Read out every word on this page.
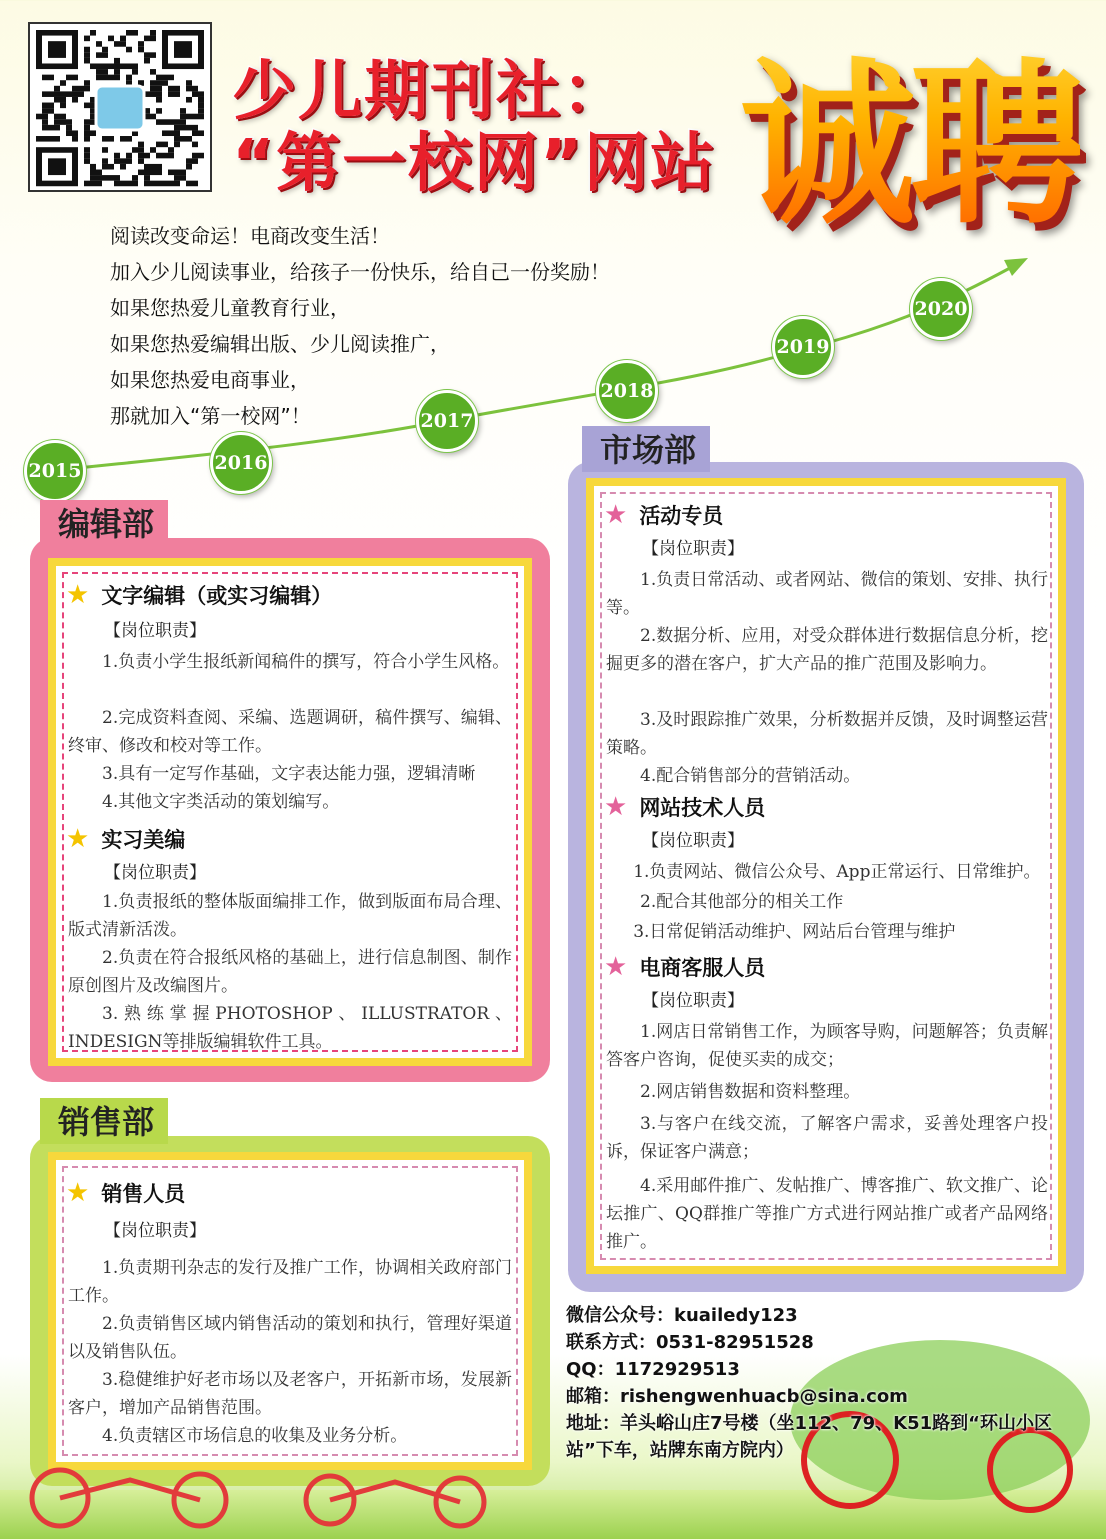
少儿期刊社：
“第一校网”网站 诚聘
阅读改变命运！电商改变生活！
加入少儿阅读事业，给孩子一份快乐，给自己一份奖励！
如果您热爱儿童教育行业，
如果您热爱编辑出版、少儿阅读推广，
如果您热爱电商事业，
那就加入“第一校网”！
2015	2016
2017
2018
2019
2020
编辑部
★ 文字编辑（或实习编辑）
【岗位职责】
1.负责小学生报纸新闻稿件的撰写，符合小学生风格。
2.完成资料查阅、采编、选题调研，稿件撰写、编辑、终审、修改和校对等工作。
3.具有一定写作基础，文字表达能力强，逻辑清晰
4.其他文字类活动的策划编写。
★ 实习美编
【岗位职责】
1.负责报纸的整体版面编排工作，做到版面布局合理、版式清新活泼。
2.负责在符合报纸风格的基础上，进行信息制图、制作原创图片及改编图片。
3.熟练掌握PHOTOSHOP、ILLUSTRATOR、INDESIGN等排版编辑软件工具。
销售部
★ 销售人员
【岗位职责】
1.负责期刊杂志的发行及推广工作，协调相关政府部门工作。
2.负责销售区域内销售活动的策划和执行，管理好渠道以及销售队伍。
3.稳健维护好老市场以及老客户，开拓新市场，发展新客户，增加产品销售范围。
4.负责辖区市场信息的收集及业务分析。
市场部
★ 活动专员
【岗位职责】
1.负责日常活动、或者网站、微信的策划、安排、执行等。
2.数据分析、应用，对受众群体进行数据信息分析，挖掘更多的潜在客户，扩大产品的推广范围及影响力。
3.及时跟踪推广效果，分析数据并反馈，及时调整运营策略。
4.配合销售部分的营销活动。
★ 网站技术人员
【岗位职责】
1.负责网站、微信公众号、App正常运行、日常维护。
2.配合其他部分的相关工作
3.日常促销活动维护、网站后台管理与维护
★ 电商客服人员
【岗位职责】
1.网店日常销售工作，为顾客导购，问题解答；负责解答客户咨询，促使买卖的成交；
2.网店销售数据和资料整理。
3.与客户在线交流，了解客户需求，妥善处理客户投诉，保证客户满意；
4.采用邮件推广、发帖推广、博客推广、软文推广、论坛推广、QQ群推广等推广方式进行网站推广或者产品网络推广。
微信公众号：kuailedy123
联系方式：0531-82951528
QQ：1172929513
邮箱：rishengwenhuacb@sina.com
地址：羊头峪山庄7号楼（坐112、79、K51路到“环山小区站”下车，站牌东南方院内）
